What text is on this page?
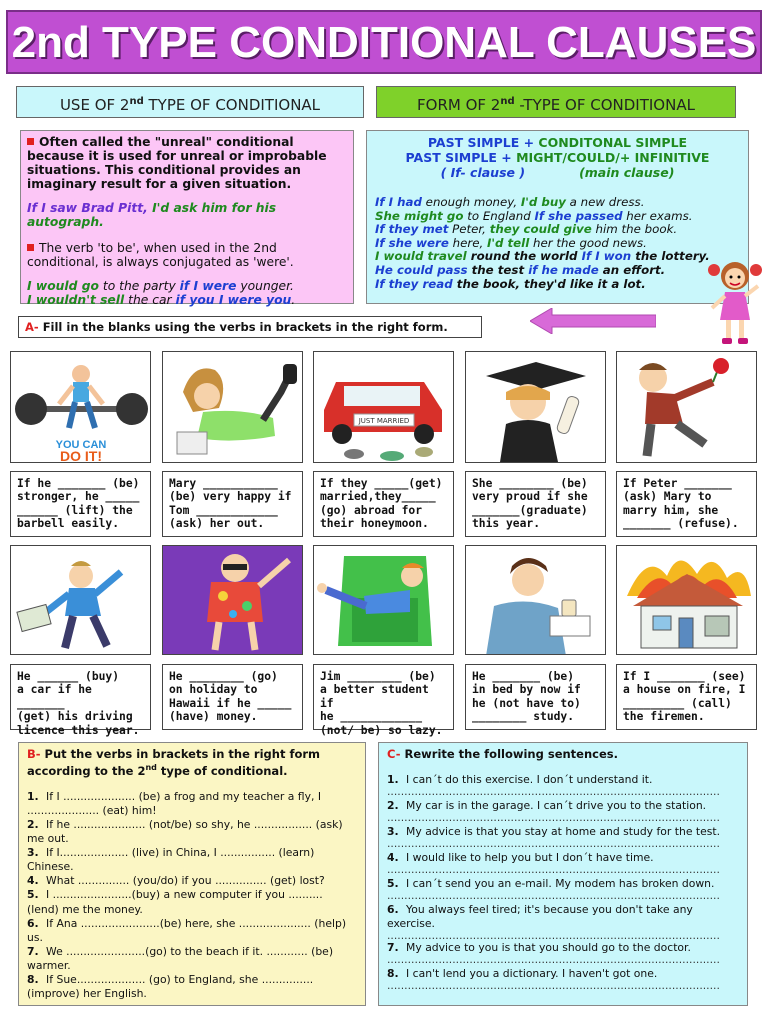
2nd TYPE CONDITIONAL CLAUSES
USE OF 2nd TYPE OF CONDITIONAL	FORM OF 2nd -TYPE OF CONDITIONAL

Often called the "unreal" conditional because it is used for unreal or improbable situations. This conditional provides an imaginary result for a given situation.

If I saw Brad Pitt, I'd ask him for his autograph.

The verb 'to be', when used in the 2nd conditional, is always conjugated as 'were'.

I would go to the party if I were younger.

I wouldn't sell the car if you I were you.

PAST SIMPLE + CONDITONAL SIMPLE
PAST SIMPLE + MIGHT/COULD/+ INFINITIVE
( If- clause )	(main clause)
If I had enough money, I'd buy a new dress.
She might go to England If she passed her exams.
If they met Peter, they could give him the book.
If she were here, I'd tell her the good news.
I would travel round the world If I won the lottery.
He could pass the test if he made an effort.
If they read the book, they'd like it a lot.
A- Fill in the blanks using the verbs in brackets in the right form.
YOU CAN
DO IT!
JUST MARRIED
If he _______ (be)
stronger, he _____
______ (lift) the
barbell easily.
Mary ___________
(be) very happy if
Tom ____________
(ask) her out.
If they _____(get)
married,they_____
(go) abroad for
their honeymoon.
She ________ (be)
very proud if she
_______(graduate)
this year.
If Peter _______
(ask) Mary to
marry him, she
_______ (refuse).
He ______ (buy)
a car if he _______
(get) his driving
licence this year.
He ________ (go)
on holiday to
Hawaii if he _____
(have) money.
Jim ________ (be)
a better student if
he ____________
(not/ be) so lazy.
He _______ (be)
in bed by now if
he (not have to)
________ study.
If I _______ (see)
a house on fire, I
_________ (call)
the firemen.
B- Put the verbs in brackets in the right form according to the 2nd type of conditional.
1. If I ..................... (be) a frog and my teacher a fly, I ..................... (eat) him!
2. If he ..................... (not/be) so shy, he ................. (ask) me out.
3. If I.................... (live) in China, I ................ (learn) Chinese.
4. What ............... (you/do) if you ............... (get) lost?
5. I .......................(buy) a new computer if you .......... (lend) me the money.
6. If Ana .......................(be) here, she ..................... (help) us.
7. We .......................(go) to the beach if it. ............ (be) warmer.
8. If Sue.................... (go) to England, she ............... (improve) her English.
C- Rewrite the following sentences.
1. I can´t do this exercise. I don´t understand it.
.................................................................................................
2. My car is in the garage. I can´t drive you to the station.
.................................................................................................
3. My advice is that you stay at home and study for the test.
.................................................................................................
4. I would like to help you but I don´t have time.
.................................................................................................
5. I can´t send you an e-mail. My modem has broken down.
.................................................................................................
6. You always feel tired; it's because you don't take any exercise.
.................................................................................................
7. My advice to you is that you should go to the doctor.
.................................................................................................
8. I can't lend you a dictionary. I haven't got one.
.................................................................................................
